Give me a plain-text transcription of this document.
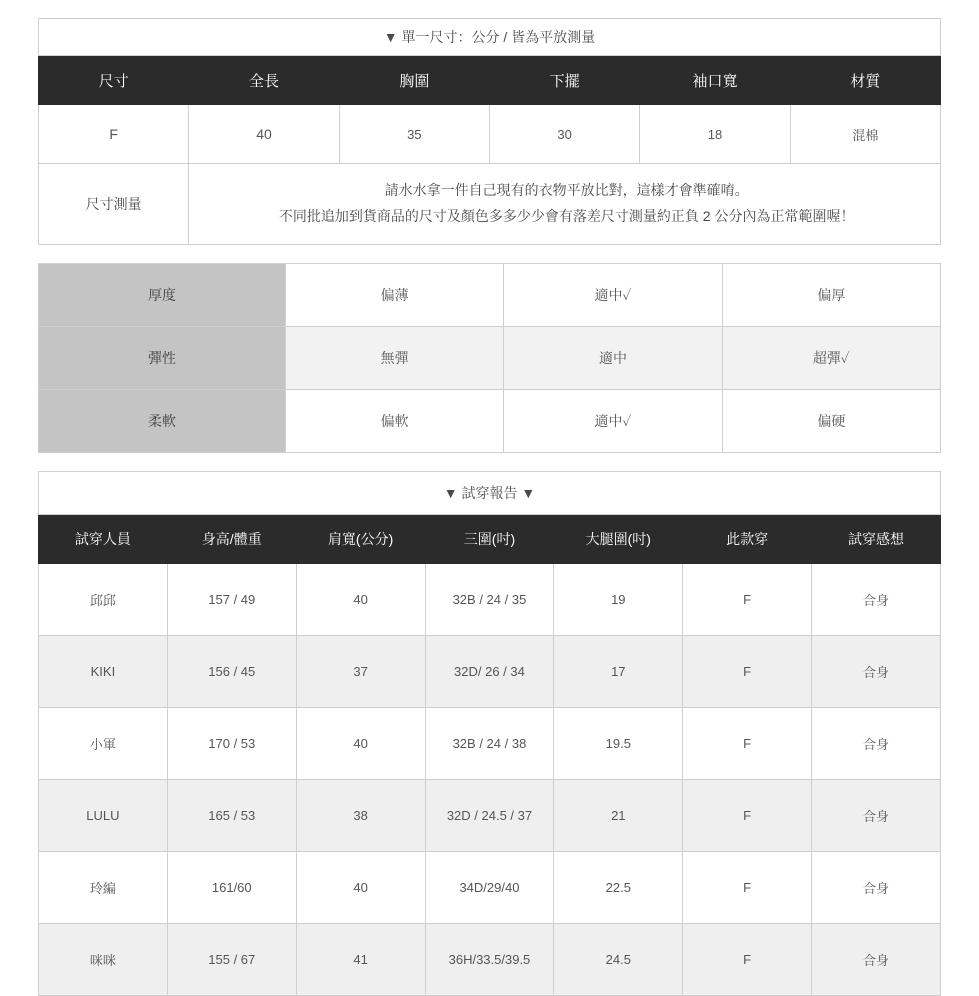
▼ 單一尺寸：公分 / 皆為平放測量					
尺寸	全長	胸圍	下擺	袖口寬	材質
F	40	35	30	18	混棉
尺寸測量	請水水拿一件自己現有的衣物平放比對，這樣才會準確唷。
不同批追加到貨商品的尺寸及顏色多多少少會有落差尺寸測量約正負 2 公分內為正常範圍喔！				
厚度	偏薄	適中✓	偏厚
彈性	無彈	適中	超彈✓
柔軟	偏軟	適中✓	偏硬
▼ 試穿報告 ▼						
試穿人員	身高/體重	肩寬(公分)	三圍(吋)	大腿圍(吋)	此款穿	試穿感想
邱邱	157 / 49	40	32B / 24 / 35	19	F	合身
KIKI	156 / 45	37	32D/ 26 / 34	17	F	合身
小軍	170 / 53	40	32B / 24 / 38	19.5	F	合身
LULU	165 / 53	38	32D / 24.5 / 37	21	F	合身
玲編	161/60	40	34D/29/40	22.5	F	合身
咪咪	155 / 67	41	36H/33.5/39.5	24.5	F	合身
